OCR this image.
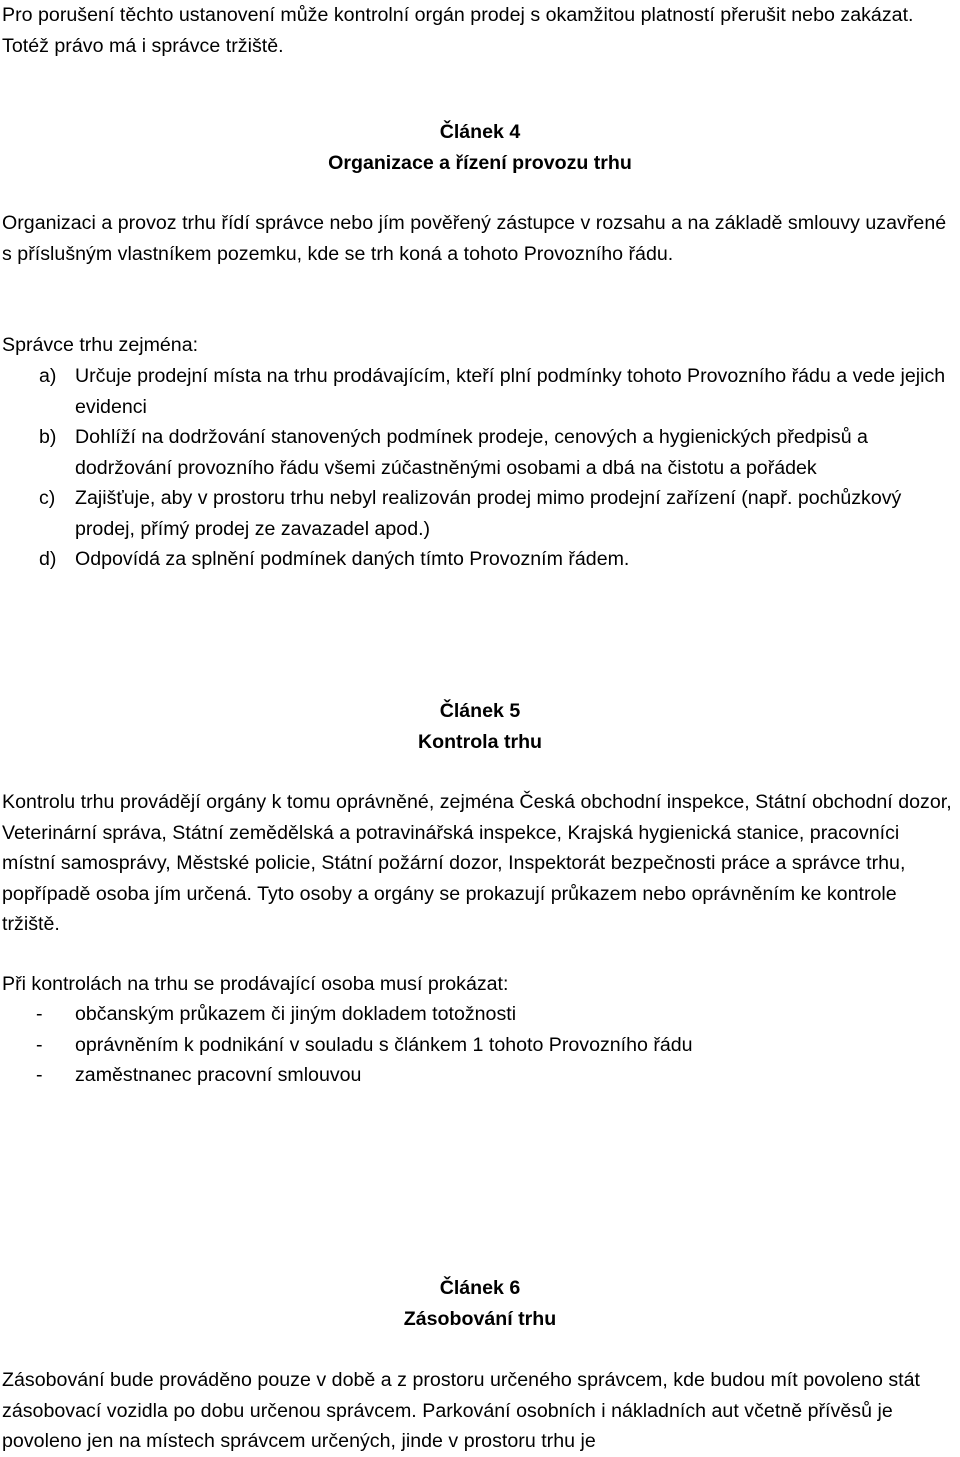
Pro porušení těchto ustanovení může kontrolní orgán prodej s okamžitou platností přerušit nebo zakázat. Totéž právo má i správce tržiště.

Článek 4
Organizace a řízení provozu trhu

Organizaci a provoz trhu řídí správce nebo jím pověřený zástupce v rozsahu a na základě smlouvy uzavřené s příslušným vlastníkem pozemku, kde se trh koná a tohoto Provozního řádu.

Správce trhu zejména:

a) Určuje prodejní místa na trhu prodávajícím, kteří plní podmínky tohoto Provozního řádu a vede jejich evidenci
b) Dohlíží na dodržování stanovených podmínek prodeje, cenových a hygienických předpisů a dodržování provozního řádu všemi zúčastněnými osobami a dbá na čistotu a pořádek
c) Zajišťuje, aby v prostoru trhu nebyl realizován prodej mimo prodejní zařízení (např. pochůzkový prodej, přímý prodej ze zavazadel apod.)
d) Odpovídá za splnění podmínek daných tímto Provozním řádem.
Článek 5
Kontrola trhu

Kontrolu trhu provádějí orgány k tomu oprávněné, zejména Česká obchodní inspekce, Státní obchodní dozor, Veterinární správa, Státní zemědělská a potravinářská inspekce, Krajská hygienická stanice, pracovníci místní samosprávy, Městské policie, Státní požární dozor, Inspektorát bezpečnosti práce a správce trhu, popřípadě osoba jím určená. Tyto osoby a orgány se prokazují průkazem nebo oprávněním ke kontrole tržiště.

Při kontrolách na trhu se prodávající osoba musí prokázat:

- občanským průkazem či jiným dokladem totožnosti
- oprávněním k podnikání v souladu s článkem 1 tohoto Provozního řádu
- zaměstnanec pracovní smlouvou
Článek 6
Zásobování trhu

Zásobování bude prováděno pouze v době a z prostoru určeného správcem, kde budou mít povoleno stát zásobovací vozidla po dobu určenou správcem. Parkování osobních i nákladních aut včetně přívěsů je povoleno jen na místech správcem určených, jinde v prostoru trhu je
